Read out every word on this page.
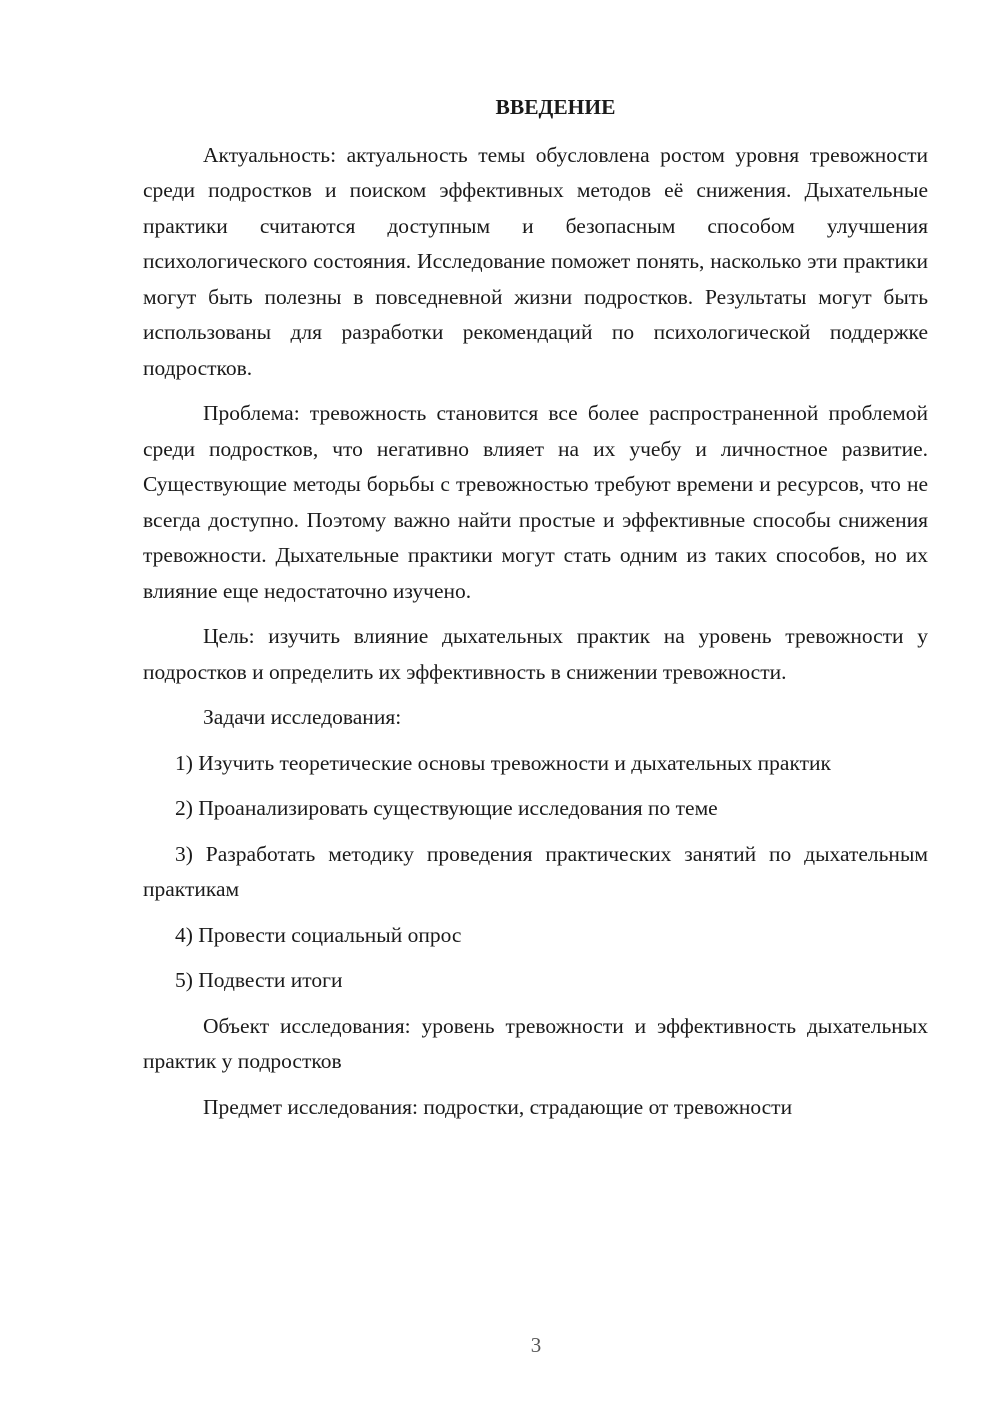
ВВЕДЕНИЕ

Актуальность: актуальность темы обусловлена ростом уровня тревожности среди подростков и поиском эффективных методов её снижения. Дыхательные практики считаются доступным и безопасным способом улучшения психологического состояния. Исследование поможет понять, насколько эти практики могут быть полезны в повседневной жизни подростков. Результаты могут быть использованы для разработки рекомендаций по психологической поддержке подростков.

Проблема: тревожность становится все более распространенной проблемой среди подростков, что негативно влияет на их учебу и личностное развитие. Существующие методы борьбы с тревожностью требуют времени и ресурсов, что не всегда доступно. Поэтому важно найти простые и эффективные способы снижения тревожности. Дыхательные практики могут стать одним из таких способов, но их влияние еще недостаточно изучено.

Цель: изучить влияние дыхательных практик на уровень тревожности у подростков и определить их эффективность в снижении тревожности.

Задачи исследования:

1) Изучить теоретические основы тревожности и дыхательных практик

2) Проанализировать существующие исследования по теме

3) Разработать методику проведения практических занятий по дыхательным практикам

4) Провести социальный опрос

5) Подвести итоги

Объект исследования: уровень тревожности и эффективность дыхательных практик у подростков

Предмет исследования: подростки, страдающие от тревожности

3
